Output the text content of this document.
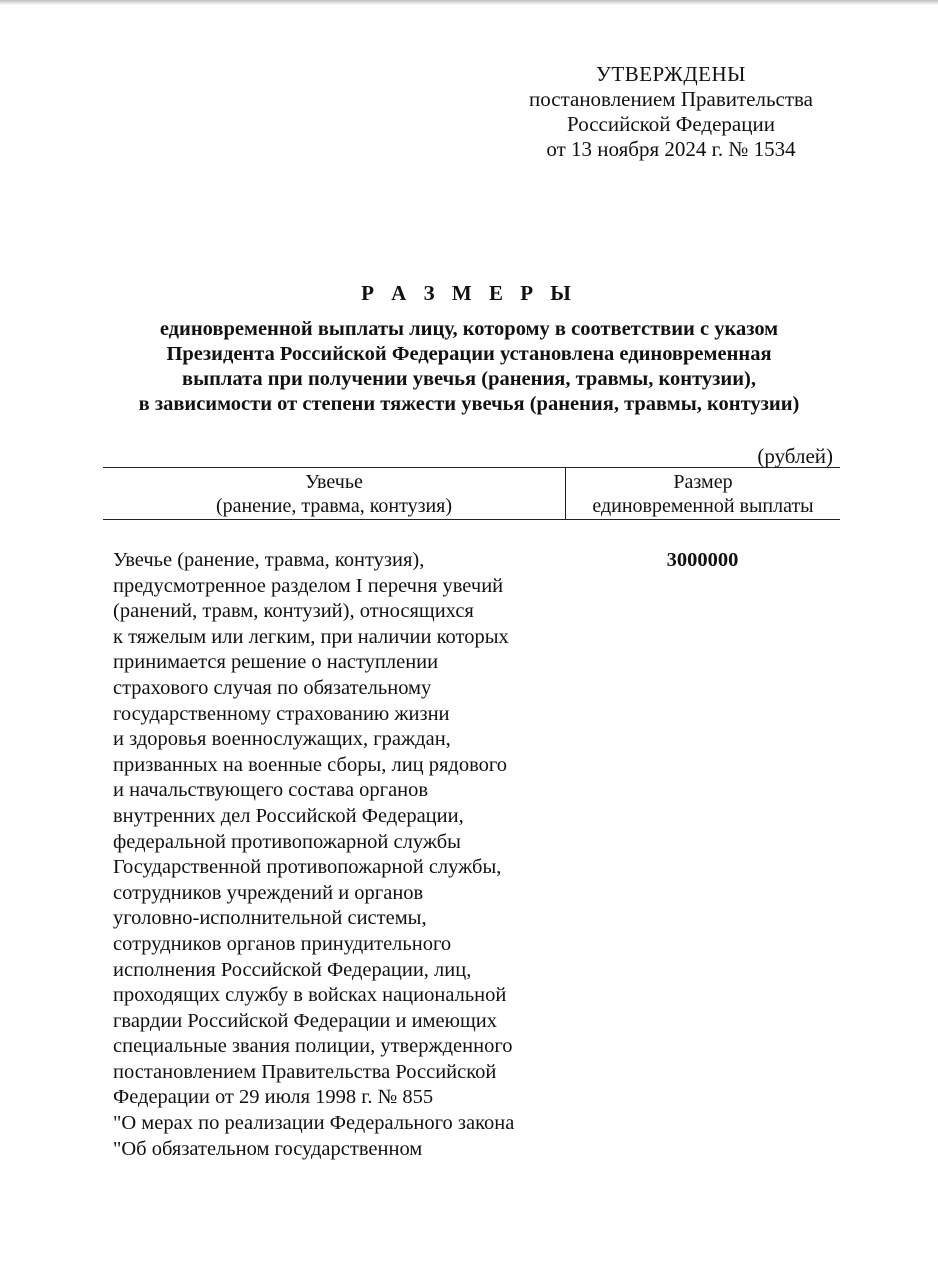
УТВЕРЖДЕНЫ
постановлением Правительства
Российской Федерации
от 13 ноября 2024 г. № 1534
Р А З М Е Р Ы
единовременной выплаты лицу, которому в соответствии с указом
Президента Российской Федерации установлена единовременная
выплата при получении увечья (ранения, травмы, контузии),
в зависимости от степени тяжести увечья (ранения, травмы, контузии)
(рублей)
Увечье
(ранение, травма, контузия)
Размер
единовременной выплаты
Увечье (ранение, травма, контузия),
предусмотренное разделом I перечня увечий
(ранений, травм, контузий), относящихся
к тяжелым или легким, при наличии которых
принимается решение о наступлении
страхового случая по обязательному
государственному страхованию жизни
и здоровья военнослужащих, граждан,
призванных на военные сборы, лиц рядового
и начальствующего состава органов
внутренних дел Российской Федерации,
федеральной противопожарной службы
Государственной противопожарной службы,
сотрудников учреждений и органов
уголовно-исполнительной системы,
сотрудников органов принудительного
исполнения Российской Федерации, лиц,
проходящих службу в войсках национальной
гвардии Российской Федерации и имеющих
специальные звания полиции, утвержденного
постановлением Правительства Российской
Федерации от 29 июля 1998 г. № 855
"О мерах по реализации Федерального закона
"Об обязательном государственном
3000000
